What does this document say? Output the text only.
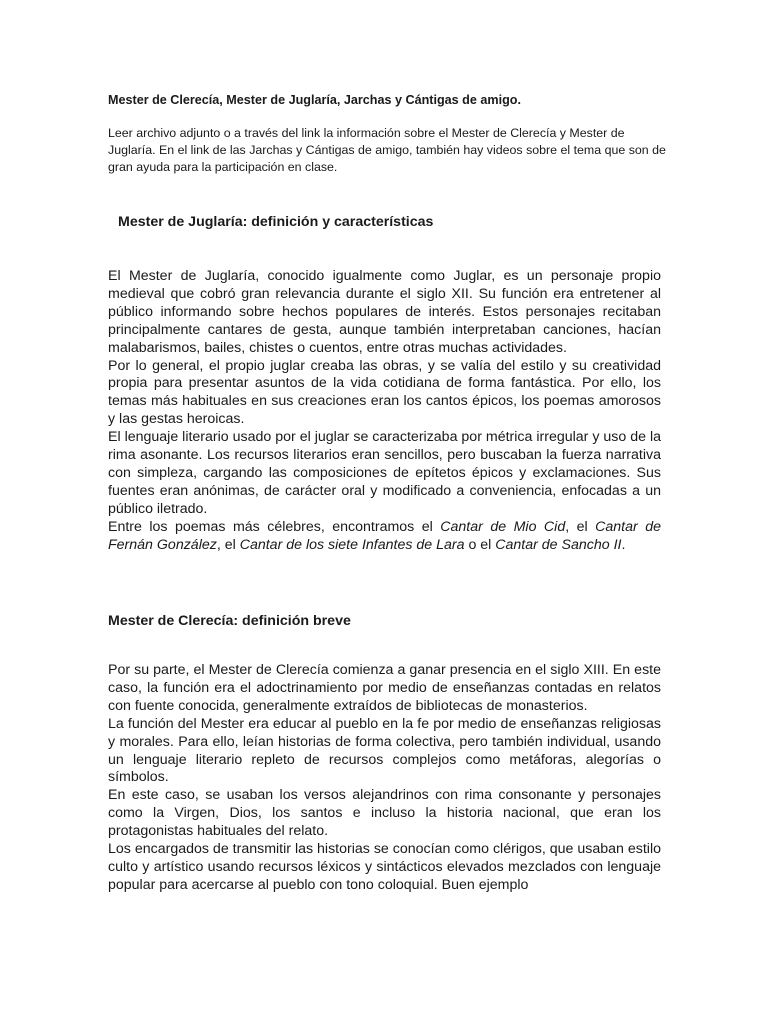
Mester de Clerecía, Mester de Juglaría, Jarchas y Cántigas de amigo.

Leer archivo adjunto o a través del link la información sobre el Mester de Clerecía y Mester de Juglaría. En el link de las Jarchas y Cántigas de amigo, también hay videos sobre el tema que son de gran ayuda para la participación en clase.

Mester de Juglaría: definición y características

El Mester de Juglaría, conocido igualmente como Juglar, es un personaje propio medieval que cobró gran relevancia durante el siglo XII. Su función era entretener al público informando sobre hechos populares de interés. Estos personajes recitaban principalmente cantares de gesta, aunque también interpretaban canciones, hacían malabarismos, bailes, chistes o cuentos, entre otras muchas actividades.

Por lo general, el propio juglar creaba las obras, y se valía del estilo y su creatividad propia para presentar asuntos de la vida cotidiana de forma fantástica. Por ello, los temas más habituales en sus creaciones eran los cantos épicos, los poemas amorosos y las gestas heroicas.

El lenguaje literario usado por el juglar se caracterizaba por métrica irregular y uso de la rima asonante. Los recursos literarios eran sencillos, pero buscaban la fuerza narrativa con simpleza, cargando las composiciones de epítetos épicos y exclamaciones. Sus fuentes eran anónimas, de carácter oral y modificado a conveniencia, enfocadas a un público iletrado.

Entre los poemas más célebres, encontramos el Cantar de Mio Cid, el Cantar de Fernán González, el Cantar de los siete Infantes de Lara o el Cantar de Sancho II.

Mester de Clerecía: definición breve

Por su parte, el Mester de Clerecía comienza a ganar presencia en el siglo XIII. En este caso, la función era el adoctrinamiento por medio de enseñanzas contadas en relatos con fuente conocida, generalmente extraídos de bibliotecas de monasterios.

La función del Mester era educar al pueblo en la fe por medio de enseñanzas religiosas y morales. Para ello, leían historias de forma colectiva, pero también individual, usando un lenguaje literario repleto de recursos complejos como metáforas, alegorías o símbolos.

En este caso, se usaban los versos alejandrinos con rima consonante y personajes como la Virgen, Dios, los santos e incluso la historia nacional, que eran los protagonistas habituales del relato.

Los encargados de transmitir las historias se conocían como clérigos, que usaban estilo culto y artístico usando recursos léxicos y sintácticos elevados mezclados con lenguaje popular para acercarse al pueblo con tono coloquial. Buen ejemplo
